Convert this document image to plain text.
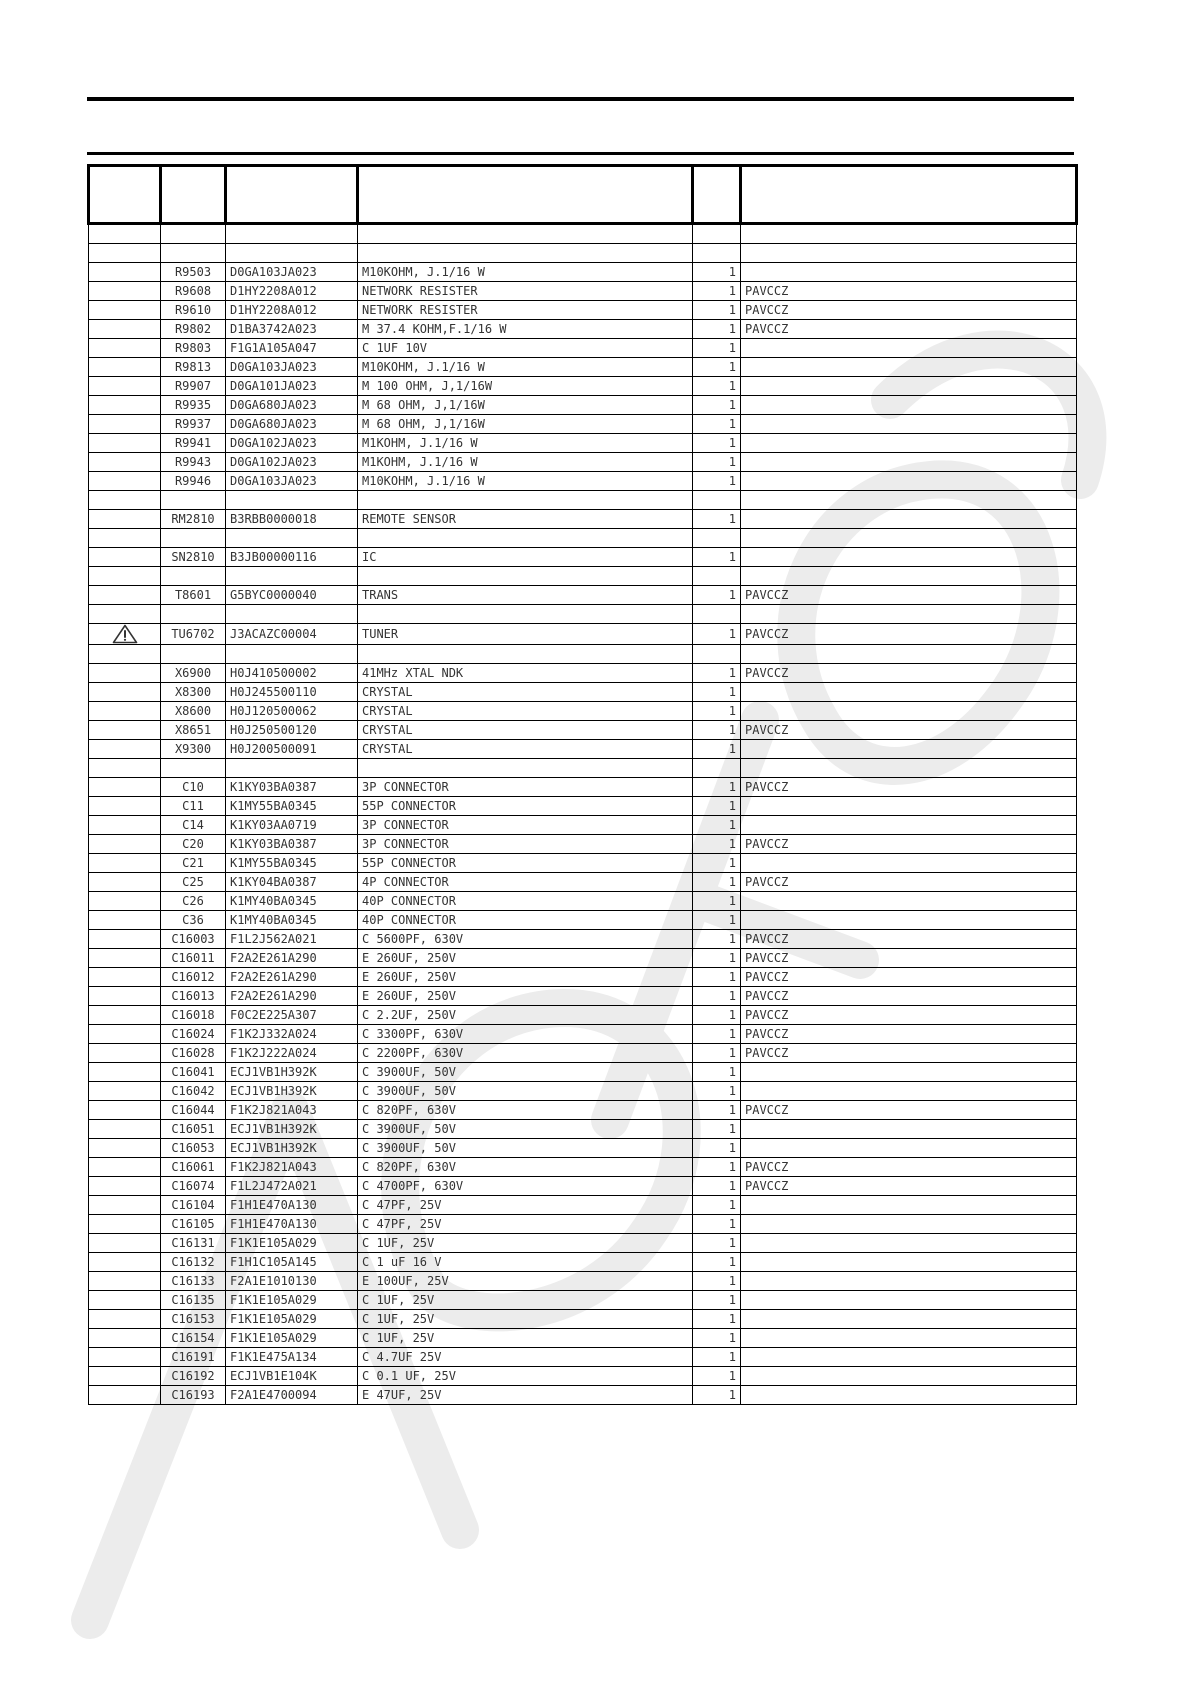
	R9503	D0GA103JA023	M10KOHM, J.1/16 W	1	
	R9608	D1HY2208A012	NETWORK RESISTER	1	PAVCCZ
	R9610	D1HY2208A012	NETWORK RESISTER	1	PAVCCZ
	R9802	D1BA3742A023	M 37.4 KOHM,F.1/16 W	1	PAVCCZ
	R9803	F1G1A105A047	C 1UF 10V	1	
	R9813	D0GA103JA023	M10KOHM, J.1/16 W	1	
	R9907	D0GA101JA023	M 100 OHM, J,1/16W	1	
	R9935	D0GA680JA023	M 68 OHM, J,1/16W	1	
	R9937	D0GA680JA023	M 68 OHM, J,1/16W	1	
	R9941	D0GA102JA023	M1KOHM, J.1/16 W	1	
	R9943	D0GA102JA023	M1KOHM, J.1/16 W	1	
	R9946	D0GA103JA023	M10KOHM, J.1/16 W	1	

	RM2810	B3RBB0000018	REMOTE SENSOR	1	

	SN2810	B3JB00000116	IC	1	

	T8601	G5BYC0000040	TRANS	1	PAVCCZ

	TU6702	J3ACAZC00004	TUNER	1	PAVCCZ

	X6900	H0J410500002	41MHz XTAL NDK	1	PAVCCZ
	X8300	H0J245500110	CRYSTAL	1	
	X8600	H0J120500062	CRYSTAL	1	
	X8651	H0J250500120	CRYSTAL	1	PAVCCZ
	X9300	H0J200500091	CRYSTAL	1	

	C10	K1KY03BA0387	3P CONNECTOR	1	PAVCCZ
	C11	K1MY55BA0345	55P CONNECTOR	1	
	C14	K1KY03AA0719	3P CONNECTOR	1	
	C20	K1KY03BA0387	3P CONNECTOR	1	PAVCCZ
	C21	K1MY55BA0345	55P CONNECTOR	1	
	C25	K1KY04BA0387	4P CONNECTOR	1	PAVCCZ
	C26	K1MY40BA0345	40P CONNECTOR	1	
	C36	K1MY40BA0345	40P CONNECTOR	1	
	C16003	F1L2J562A021	C 5600PF, 630V	1	PAVCCZ
	C16011	F2A2E261A290	E 260UF, 250V	1	PAVCCZ
	C16012	F2A2E261A290	E 260UF, 250V	1	PAVCCZ
	C16013	F2A2E261A290	E 260UF, 250V	1	PAVCCZ
	C16018	F0C2E225A307	C 2.2UF, 250V	1	PAVCCZ
	C16024	F1K2J332A024	C 3300PF, 630V	1	PAVCCZ
	C16028	F1K2J222A024	C 2200PF, 630V	1	PAVCCZ
	C16041	ECJ1VB1H392K	C 3900UF, 50V	1	
	C16042	ECJ1VB1H392K	C 3900UF, 50V	1	
	C16044	F1K2J821A043	C 820PF, 630V	1	PAVCCZ
	C16051	ECJ1VB1H392K	C 3900UF, 50V	1	
	C16053	ECJ1VB1H392K	C 3900UF, 50V	1	
	C16061	F1K2J821A043	C 820PF, 630V	1	PAVCCZ
	C16074	F1L2J472A021	C 4700PF, 630V	1	PAVCCZ
	C16104	F1H1E470A130	C 47PF, 25V	1	
	C16105	F1H1E470A130	C 47PF, 25V	1	
	C16131	F1K1E105A029	C 1UF, 25V	1	
	C16132	F1H1C105A145	C 1 uF 16 V	1	
	C16133	F2A1E1010130	E 100UF, 25V	1	
	C16135	F1K1E105A029	C 1UF, 25V	1	
	C16153	F1K1E105A029	C 1UF, 25V	1	
	C16154	F1K1E105A029	C 1UF, 25V	1	
	C16191	F1K1E475A134	C 4.7UF 25V	1	
	C16192	ECJ1VB1E104K	C 0.1 UF, 25V	1	
	C16193	F2A1E4700094	E 47UF, 25V	1	
